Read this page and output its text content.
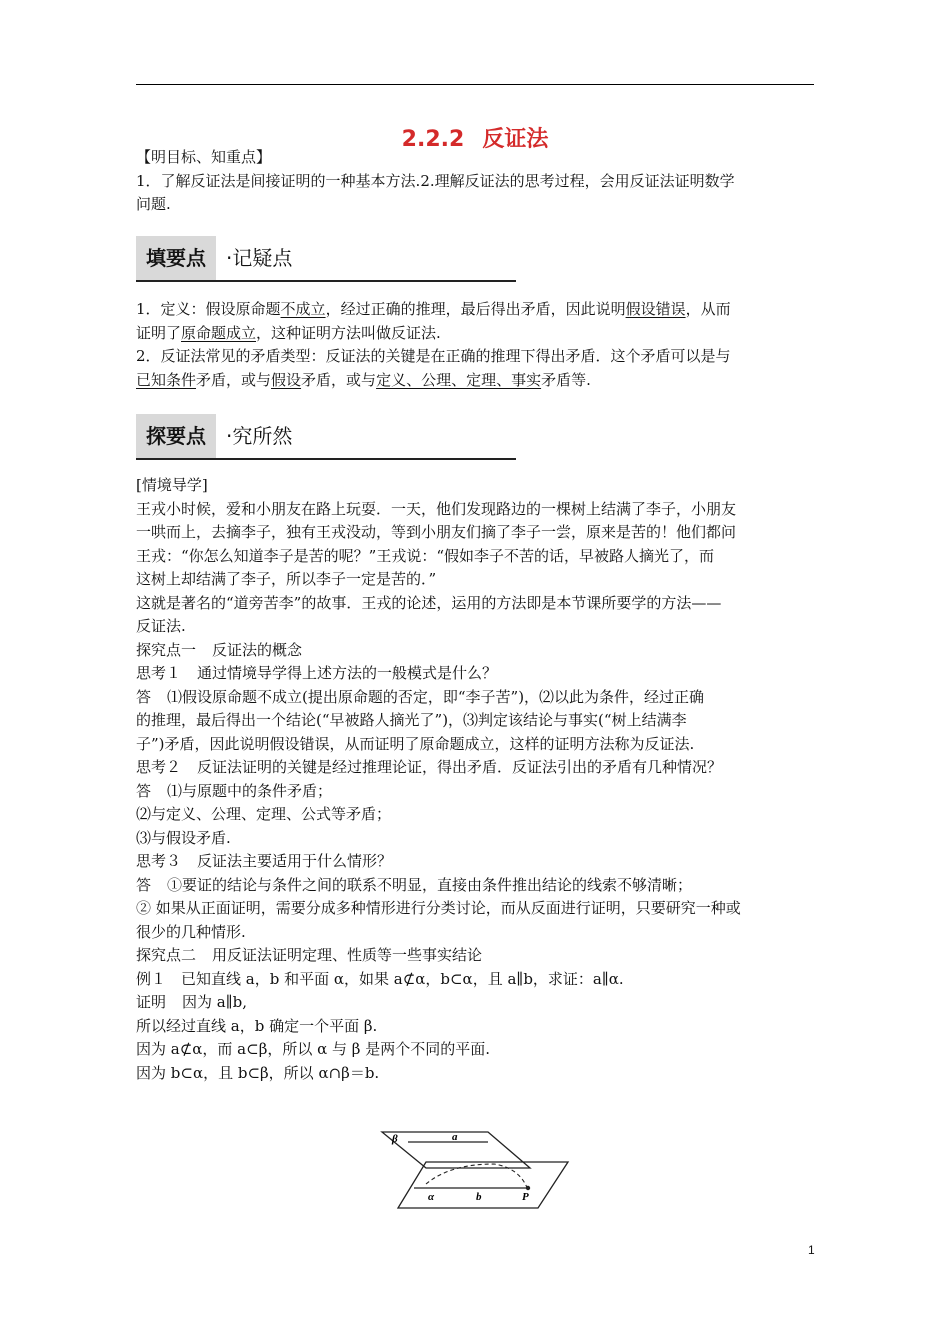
2.2.2 反证法
【明目标、知重点】
1．了解反证法是间接证明的一种基本方法.2.理解反证法的思考过程，会用反证法证明数学
问题.
填要点	·记疑点
1．定义：假设原命题不成立，经过正确的推理，最后得出矛盾，因此说明假设错误，从而
证明了原命题成立，这种证明方法叫做反证法.
2．反证法常见的矛盾类型：反证法的关键是在正确的推理下得出矛盾．这个矛盾可以是与
已知条件矛盾，或与假设矛盾，或与定义、公理、定理、事实矛盾等.
探要点	·究所然
[情境导学]
王戎小时候，爱和小朋友在路上玩耍．一天，他们发现路边的一棵树上结满了李子，小朋友
一哄而上，去摘李子，独有王戎没动，等到小朋友们摘了李子一尝，原来是苦的！他们都问
王戎：“你怎么知道李子是苦的呢？”王戎说：“假如李子不苦的话，早被路人摘光了，而
这树上却结满了李子，所以李子一定是苦的．”
这就是著名的“道旁苦李”的故事．王戎的论述，运用的方法即是本节课所要学的方法——
反证法.
探究点一 反证法的概念
思考１ 通过情境导学得上述方法的一般模式是什么？
答 ⑴假设原命题不成立(提出原命题的否定，即“李子苦”)，⑵以此为条件，经过正确
的推理，最后得出一个结论(“早被路人摘光了”)，⑶判定该结论与事实(“树上结满李
子”)矛盾，因此说明假设错误，从而证明了原命题成立，这样的证明方法称为反证法.
思考２ 反证法证明的关键是经过推理论证，得出矛盾．反证法引出的矛盾有几种情况？
答 ⑴与原题中的条件矛盾；
⑵与定义、公理、定理、公式等矛盾；
⑶与假设矛盾.
思考３ 反证法主要适用于什么情形？
答 ①要证的结论与条件之间的联系不明显，直接由条件推出结论的线索不够清晰；
② 如果从正面证明，需要分成多种情形进行分类讨论，而从反面进行证明，只要研究一种或
很少的几种情形.
探究点二 用反证法证明定理、性质等一些事实结论
例１　已知直线 a，b 和平面 α，如果 a⊄α，b⊂α，且 a∥b，求证：a∥α.
证明 因为 a∥b,
所以经过直线 a，b 确定一个平面 β.
因为 a⊄α，而 a⊂β，所以 α 与 β 是两个不同的平面.
因为 b⊂α，且 b⊂β，所以 α∩β＝b.
β	a
α	b	P
1
